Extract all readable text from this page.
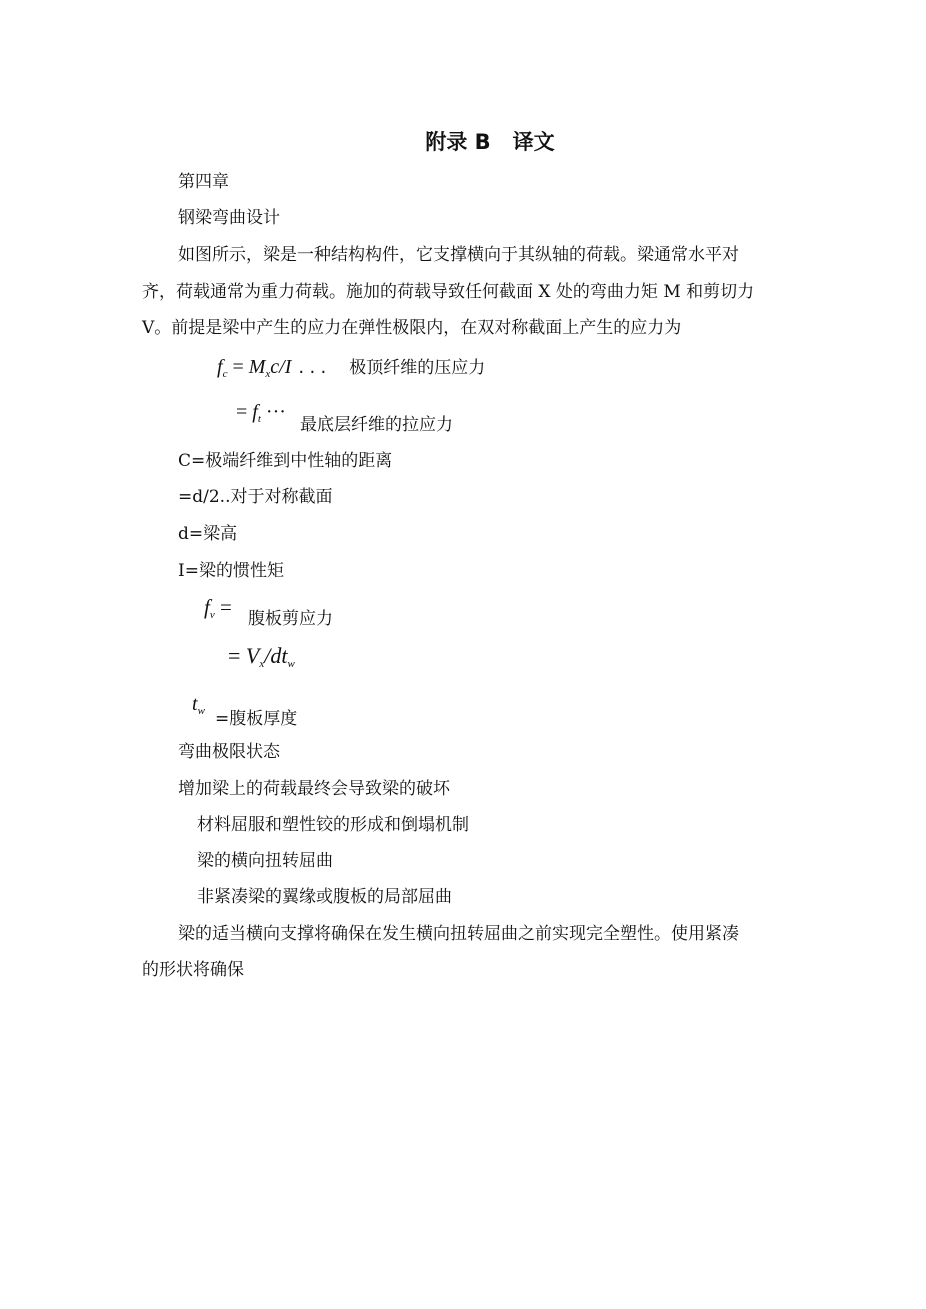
附录 B 译文
第四章
钢梁弯曲设计
如图所示，梁是一种结构构件，它支撑横向于其纵轴的荷载。梁通常水平对
齐，荷载通常为重力荷载。施加的荷载导致任何截面 X 处的弯曲力矩 M 和剪切力
V。前提是梁中产生的应力在弹性极限内，在双对称截面上产生的应力为
$f_c = M_xc/I$ ... 极顶纤维的压应力
= $f_t$ ···
最底层纤维的拉应力
C=极端纤维到中性轴的距离
=d/2..对于对称截面
d=梁高
I=梁的惯性矩
$f_v$ = 腹板剪应力
= $V_x/dt_w$
$t_w$ =腹板厚度
弯曲极限状态
增加梁上的荷载最终会导致梁的破坏
材料屈服和塑性铰的形成和倒塌机制
梁的横向扭转屈曲
非紧凑梁的翼缘或腹板的局部屈曲
梁的适当横向支撑将确保在发生横向扭转屈曲之前实现完全塑性。使用紧凑
的形状将确保
